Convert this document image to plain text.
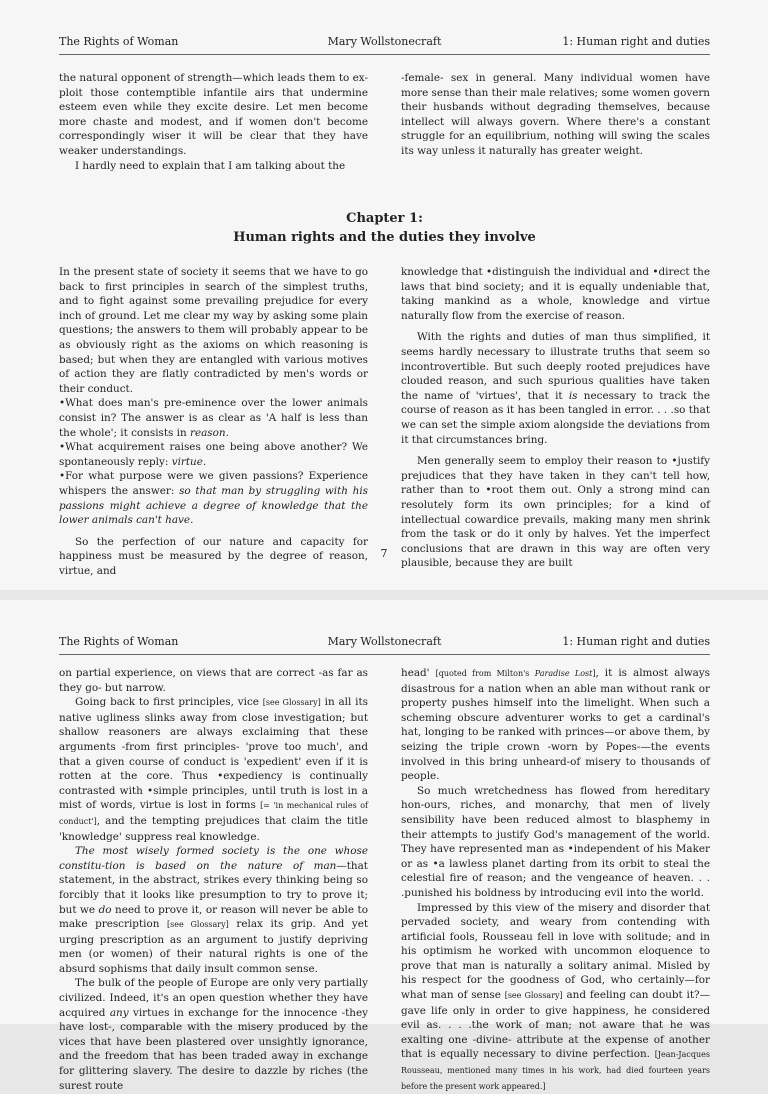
The Rights of Woman	Mary Wollstonecraft	1: Human right and duties

the natural opponent of strength—which leads them to ex-ploit those contemptible infantile airs that undermine esteem even while they excite desire. Let men become more chaste and modest, and if women don't become correspondingly wiser it will be clear that they have weaker understandings.

I hardly need to explain that I am talking about the

-female- sex in general. Many individual women have more sense than their male relatives; some women govern their husbands without degrading themselves, because intellect will always govern. Where there's a constant struggle for an equilibrium, nothing will swing the scales its way unless it naturally has greater weight.

Chapter 1:
Human rights and the duties they involve

In the present state of society it seems that we have to go back to first principles in search of the simplest truths, and to fight against some prevailing prejudice for every inch of ground. Let me clear my way by asking some plain questions; the answers to them will probably appear to be as obviously right as the axioms on which reasoning is based; but when they are entangled with various motives of action they are flatly contradicted by men's words or their conduct.

•What does man's pre-eminence over the lower animals consist in? The answer is as clear as 'A half is less than the whole'; it consists in reason.

•What acquirement raises one being above another? We spontaneously reply: virtue.

•For what purpose were we given passions? Experience whispers the answer: so that man by struggling with his passions might achieve a degree of knowledge that the lower animals can't have.

So the perfection of our nature and capacity for happiness must be measured by the degree of reason, virtue, and

knowledge that •distinguish the individual and •direct the laws that bind society; and it is equally undeniable that, taking mankind as a whole, knowledge and virtue naturally flow from the exercise of reason.

With the rights and duties of man thus simplified, it seems hardly necessary to illustrate truths that seem so incontrovertible. But such deeply rooted prejudices have clouded reason, and such spurious qualities have taken the name of 'virtues', that it is necessary to track the course of reason as it has been tangled in error. . . .so that we can set the simple axiom alongside the deviations from it that circumstances bring.

Men generally seem to employ their reason to •justify prejudices that they have taken in they can't tell how, rather than to •root them out. Only a strong mind can resolutely form its own principles; for a kind of intellectual cowardice prevails, making many men shrink from the task or do it only by halves. Yet the imperfect conclusions that are drawn in this way are often very plausible, because they are built

7
The Rights of Woman	Mary Wollstonecraft	1: Human right and duties

on partial experience, on views that are correct -as far as they go- but narrow.

Going back to first principles, vice [see Glossary] in all its native ugliness slinks away from close investigation; but shallow reasoners are always exclaiming that these arguments -from first principles- 'prove too much', and that a given course of conduct is 'expedient' even if it is rotten at the core. Thus •expediency is continually contrasted with •simple principles, until truth is lost in a mist of words, virtue is lost in forms [= 'in mechanical rules of conduct'], and the tempting prejudices that claim the title 'knowledge' suppress real knowledge.

The most wisely formed society is the one whose constitu-tion is based on the nature of man—that statement, in the abstract, strikes every thinking being so forcibly that it looks like presumption to try to prove it; but we do need to prove it, or reason will never be able to make prescription [see Glossary] relax its grip. And yet urging prescription as an argument to justify depriving men (or women) of their natural rights is one of the absurd sophisms that daily insult common sense.

The bulk of the people of Europe are only very partially civilized. Indeed, it's an open question whether they have acquired any virtues in exchange for the innocence -they have lost-, comparable with the misery produced by the vices that have been plastered over unsightly ignorance, and the freedom that has been traded away in exchange for glittering slavery. The desire to dazzle by riches (the surest route

head' [quoted from Milton's Paradise Lost], it is almost always disastrous for a nation when an able man without rank or property pushes himself into the limelight. When such a scheming obscure adventurer works to get a cardinal's hat, longing to be ranked with princes—or above them, by seizing the triple crown -worn by Popes-—the events involved in this bring unheard-of misery to thousands of people.

So much wretchedness has flowed from hereditary hon-ours, riches, and monarchy, that men of lively sensibility have been reduced almost to blasphemy in their attempts to justify God's management of the world. They have represented man as •independent of his Maker or as •a lawless planet darting from its orbit to steal the celestial fire of reason; and the vengeance of heaven. . . .punished his boldness by introducing evil into the world.

Impressed by this view of the misery and disorder that pervaded society, and weary from contending with artificial fools, Rousseau fell in love with solitude; and in his optimism he worked with uncommon eloquence to prove that man is naturally a solitary animal. Misled by his respect for the goodness of God, who certainly—for what man of sense [see Glossary] and feeling can doubt it?—gave life only in order to give happiness, he considered evil as. . . .the work of man; not aware that he was exalting one -divine- attribute at the expense of another that is equally necessary to divine perfection. [Jean-Jacques Rousseau, mentioned many times in his work, had died fourteen years before the present work appeared.]
